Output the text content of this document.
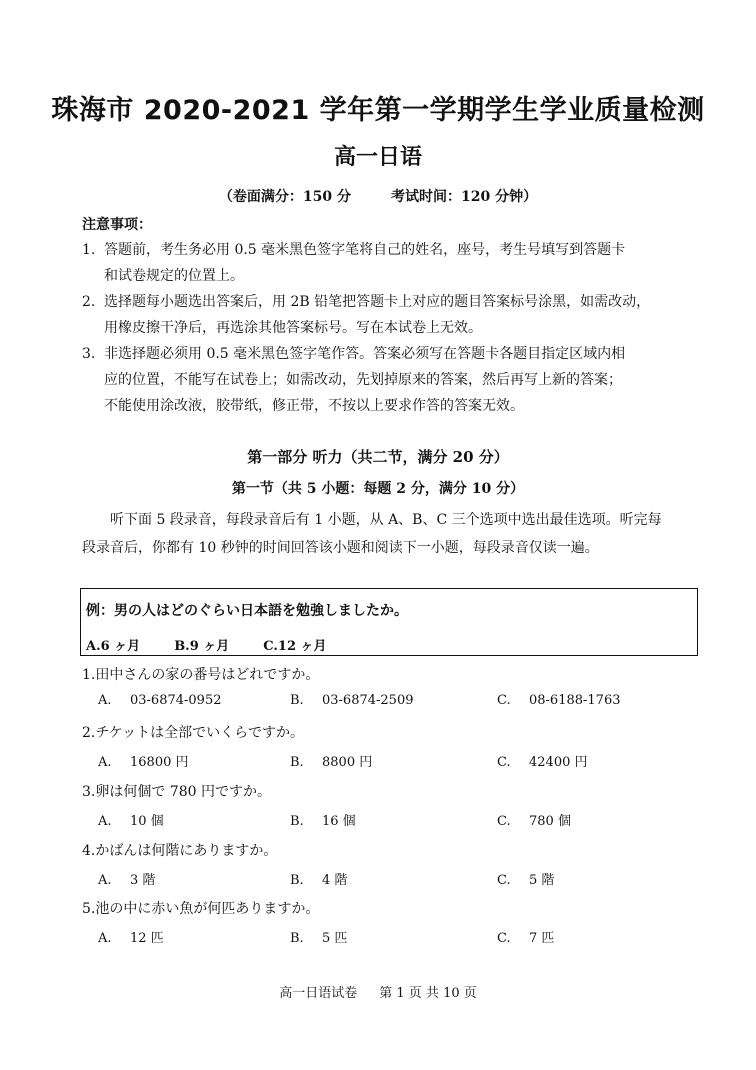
珠海市 2020-2021 学年第一学期学生学业质量检测
高一日语
（卷面满分：150 分	考试时间：120 分钟）
注意事项：
1. 答题前，考生务必用 0.5 毫米黑色签字笔将自己的姓名，座号，考生号填写到答题卡
和试卷规定的位置上。
2. 选择题每小题选出答案后，用 2B 铅笔把答题卡上对应的题目答案标号涂黑，如需改动，
用橡皮擦干净后，再选涂其他答案标号。写在本试卷上无效。
3. 非选择题必须用 0.5 毫米黑色签字笔作答。答案必须写在答题卡各题目指定区域内相
应的位置，不能写在试卷上；如需改动，先划掉原来的答案，然后再写上新的答案；
不能使用涂改液，胶带纸，修正带，不按以上要求作答的答案无效。
第一部分 听力（共二节，满分 20 分）
第一节（共 5 小题：每题 2 分，满分 10 分）
听下面 5 段录音，每段录音后有 1 小题，从 A、B、C 三个选项中选出最佳选项。听完每段录音后，你都有 10 秒钟的时间回答该小题和阅读下一小题，每段录音仅读一遍。
例：男の人はどのぐらい日本語を勉強しましたか。
A.6 ヶ月	B.9 ヶ月	C.12 ヶ月
1.田中さんの家の番号はどれですか。
A. 03-6874-0952	B. 03-6874-2509	C. 08-6188-1763
2.チケットは全部でいくらですか。
A. 16800 円	B. 8800 円	C. 42400 円
3.卵は何個で 780 円ですか。
A. 10 個	B. 16 個	C. 780 個
4.かばんは何階にありますか。
A. 3 階	B. 4 階	C. 5 階
5.池の中に赤い魚が何匹ありますか。
A. 12 匹	B. 5 匹	C. 7 匹
高一日语试卷 第 1 页 共 10 页
